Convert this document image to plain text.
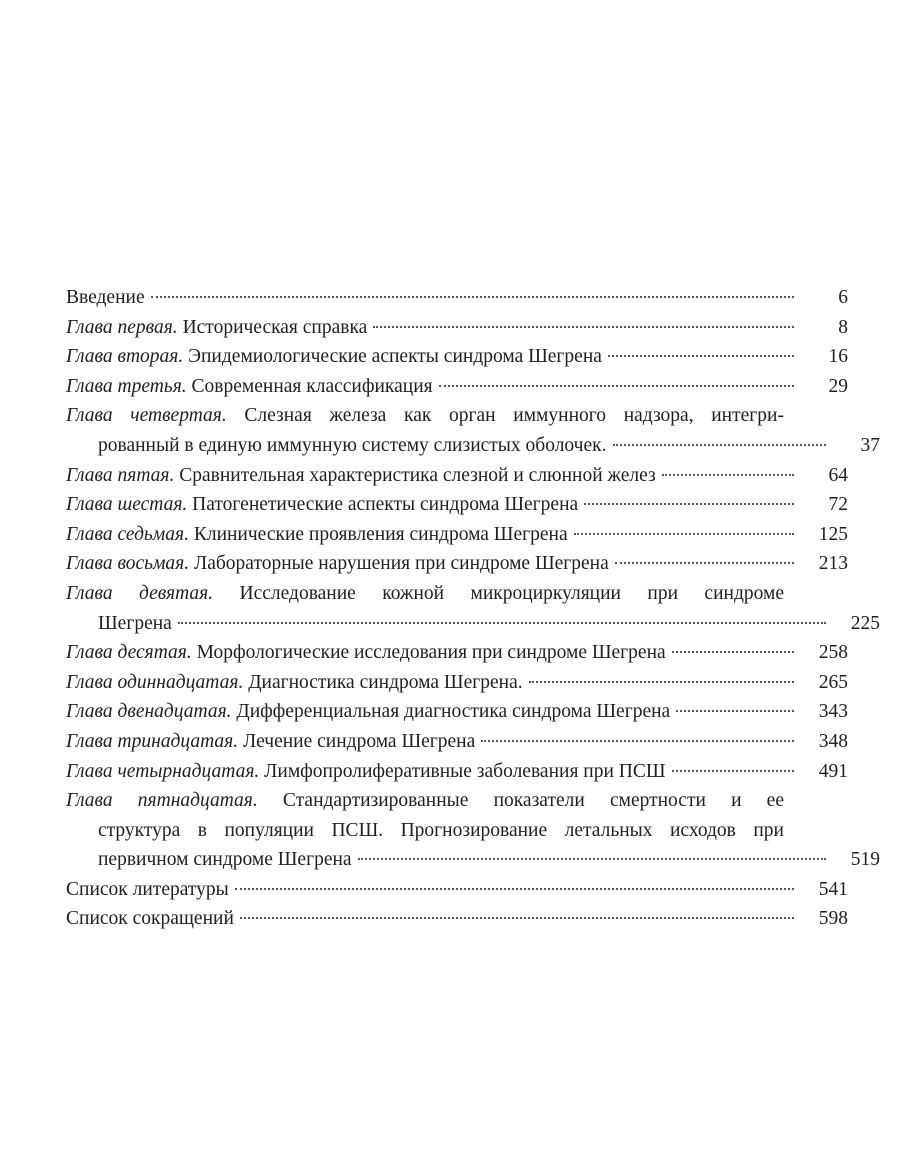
Введение	6
Глава первая. Историческая справка	8
Глава вторая. Эпидемиологические аспекты синдрома Шегрена	16
Глава третья. Современная классификация	29
Глава четвертая. Слезная железа как орган иммунного надзора, интегри-
рованный в единую иммунную систему слизистых оболочек.	37
Глава пятая. Сравнительная характеристика слезной и слюнной желез	64
Глава шестая. Патогенетические аспекты синдрома Шегрена	72
Глава седьмая. Клинические проявления синдрома Шегрена	125
Глава восьмая. Лабораторные нарушения при синдроме Шегрена	213
Глава девятая. Исследование кожной микроциркуляции при синдроме
Шегрена	225
Глава десятая. Морфологические исследования при синдроме Шегрена	258
Глава одиннадцатая. Диагностика синдрома Шегрена.	265
Глава двенадцатая. Дифференциальная диагностика синдрома Шегрена	343
Глава тринадцатая. Лечение синдрома Шегрена	348
Глава четырнадцатая. Лимфопролиферативные заболевания при ПСШ	491
Глава пятнадцатая. Стандартизированные показатели смертности и ее
структура в популяции ПСШ. Прогнозирование летальных исходов при
первичном синдроме Шегрена	519
Список литературы	541
Список сокращений	598
